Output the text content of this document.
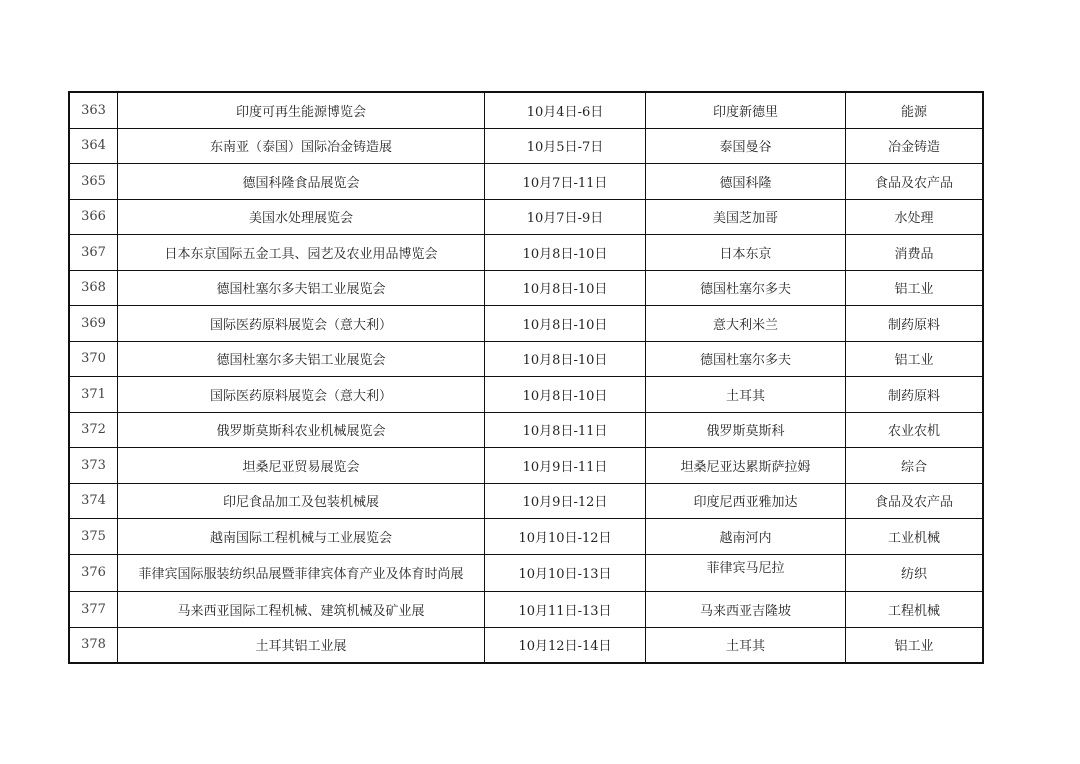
363	印度可再生能源博览会	10月4日-6日	印度新德里	能源
364	东南亚（泰国）国际冶金铸造展	10月5日-7日	泰国曼谷	冶金铸造
365	德国科隆食品展览会	10月7日-11日	德国科隆	食品及农产品
366	美国水处理展览会	10月7日-9日	美国芝加哥	水处理
367	日本东京国际五金工具、园艺及农业用品博览会	10月8日-10日	日本东京	消费品
368	德国杜塞尔多夫铝工业展览会	10月8日-10日	德国杜塞尔多夫	铝工业
369	国际医药原料展览会（意大利）	10月8日-10日	意大利米兰	制药原料
370	德国杜塞尔多夫铝工业展览会	10月8日-10日	德国杜塞尔多夫	铝工业
371	国际医药原料展览会（意大利）	10月8日-10日	土耳其	制药原料
372	俄罗斯莫斯科农业机械展览会	10月8日-11日	俄罗斯莫斯科	农业农机
373	坦桑尼亚贸易展览会	10月9日-11日	坦桑尼亚达累斯萨拉姆	综合
374	印尼食品加工及包装机械展	10月9日-12日	印度尼西亚雅加达	食品及农产品
375	越南国际工程机械与工业展览会	10月10日-12日	越南河内	工业机械
376	菲律宾国际服装纺织品展暨菲律宾体育产业及体育时尚展	10月10日-13日	菲律宾马尼拉	纺织
377	马来西亚国际工程机械、建筑机械及矿业展	10月11日-13日	马来西亚吉隆坡	工程机械
378	土耳其铝工业展	10月12日-14日	土耳其	铝工业
